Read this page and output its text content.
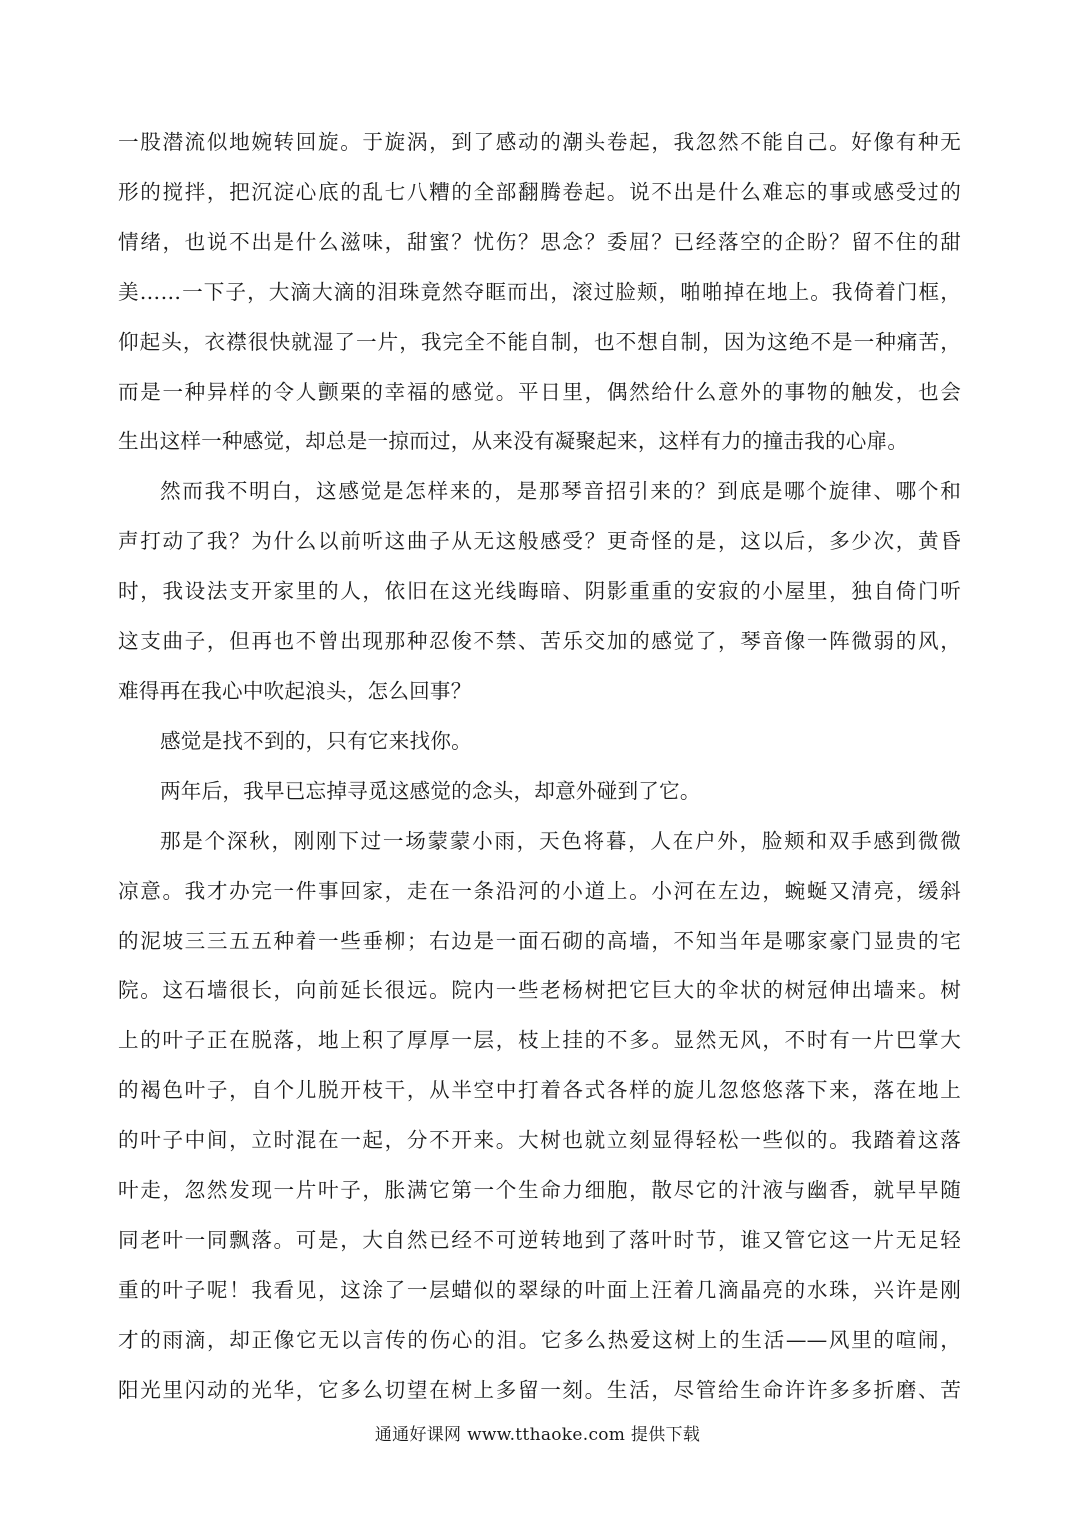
一股潜流似地婉转回旋。于旋涡，到了感动的潮头卷起，我忽然不能自己。好像有种无
形的搅拌，把沉淀心底的乱七八糟的全部翻腾卷起。说不出是什么难忘的事或感受过的
情绪，也说不出是什么滋味，甜蜜？忧伤？思念？委屈？已经落空的企盼？留不住的甜
美……一下子，大滴大滴的泪珠竟然夺眶而出，滚过脸颊，啪啪掉在地上。我倚着门框，
仰起头，衣襟很快就湿了一片，我完全不能自制，也不想自制，因为这绝不是一种痛苦，
而是一种异样的令人颤栗的幸福的感觉。平日里，偶然给什么意外的事物的触发，也会
生出这样一种感觉，却总是一掠而过，从来没有凝聚起来，这样有力的撞击我的心扉。
然而我不明白，这感觉是怎样来的，是那琴音招引来的？到底是哪个旋律、哪个和
声打动了我？为什么以前听这曲子从无这般感受？更奇怪的是，这以后，多少次，黄昏
时，我设法支开家里的人，依旧在这光线晦暗、阴影重重的安寂的小屋里，独自倚门听
这支曲子，但再也不曾出现那种忍俊不禁、苦乐交加的感觉了，琴音像一阵微弱的风，
难得再在我心中吹起浪头，怎么回事？
感觉是找不到的，只有它来找你。
两年后，我早已忘掉寻觅这感觉的念头，却意外碰到了它。
那是个深秋，刚刚下过一场蒙蒙小雨，天色将暮，人在户外，脸颊和双手感到微微
凉意。我才办完一件事回家，走在一条沿河的小道上。小河在左边，蜿蜒又清亮，缓斜
的泥坡三三五五种着一些垂柳；右边是一面石砌的高墙，不知当年是哪家豪门显贵的宅
院。这石墙很长，向前延长很远。院内一些老杨树把它巨大的伞状的树冠伸出墙来。树
上的叶子正在脱落，地上积了厚厚一层，枝上挂的不多。显然无风，不时有一片巴掌大
的褐色叶子，自个儿脱开枝干，从半空中打着各式各样的旋儿忽悠悠落下来，落在地上
的叶子中间，立时混在一起，分不开来。大树也就立刻显得轻松一些似的。我踏着这落
叶走，忽然发现一片叶子，胀满它第一个生命力细胞，散尽它的汁液与幽香，就早早随
同老叶一同飘落。可是，大自然已经不可逆转地到了落叶时节，谁又管它这一片无足轻
重的叶子呢！我看见，这涂了一层蜡似的翠绿的叶面上汪着几滴晶亮的水珠，兴许是刚
才的雨滴，却正像它无以言传的伤心的泪。它多么热爱这树上的生活——风里的喧闹，
阳光里闪动的光华，它多么切望在树上多留一刻。生活，尽管给生命许许多多折磨、苦
通通好课网 www.tthaoke.com 提供下载
